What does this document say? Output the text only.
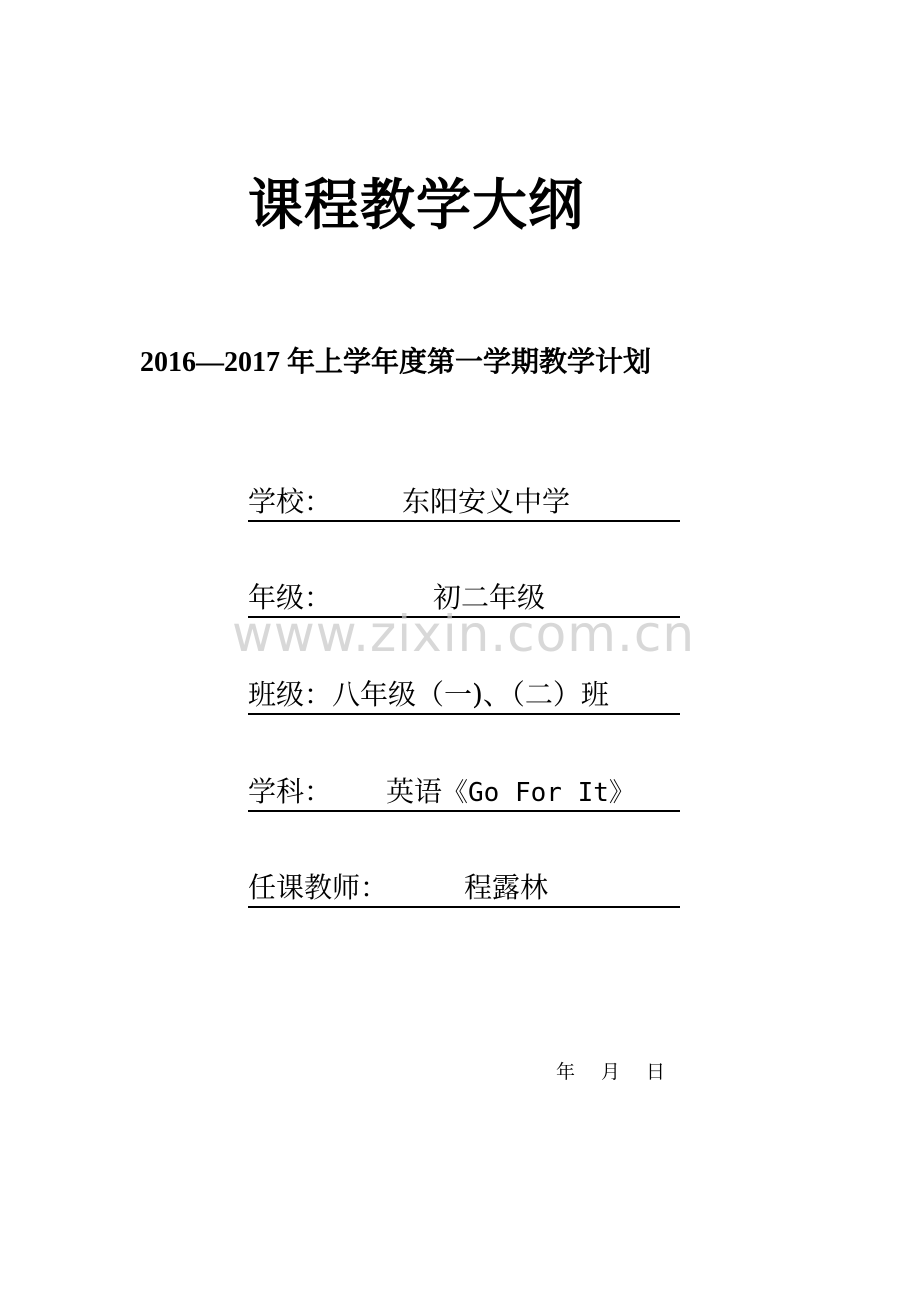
课程教学大纲
2016—2017 年上学年度第一学期教学计划
学校： 东阳安义中学
年级：	初二年级
班级：八年级（一)、（二）班
学科： 英语《Go For It》
任课教师：	程露林
年 月 日
www.zixin.com.cn
